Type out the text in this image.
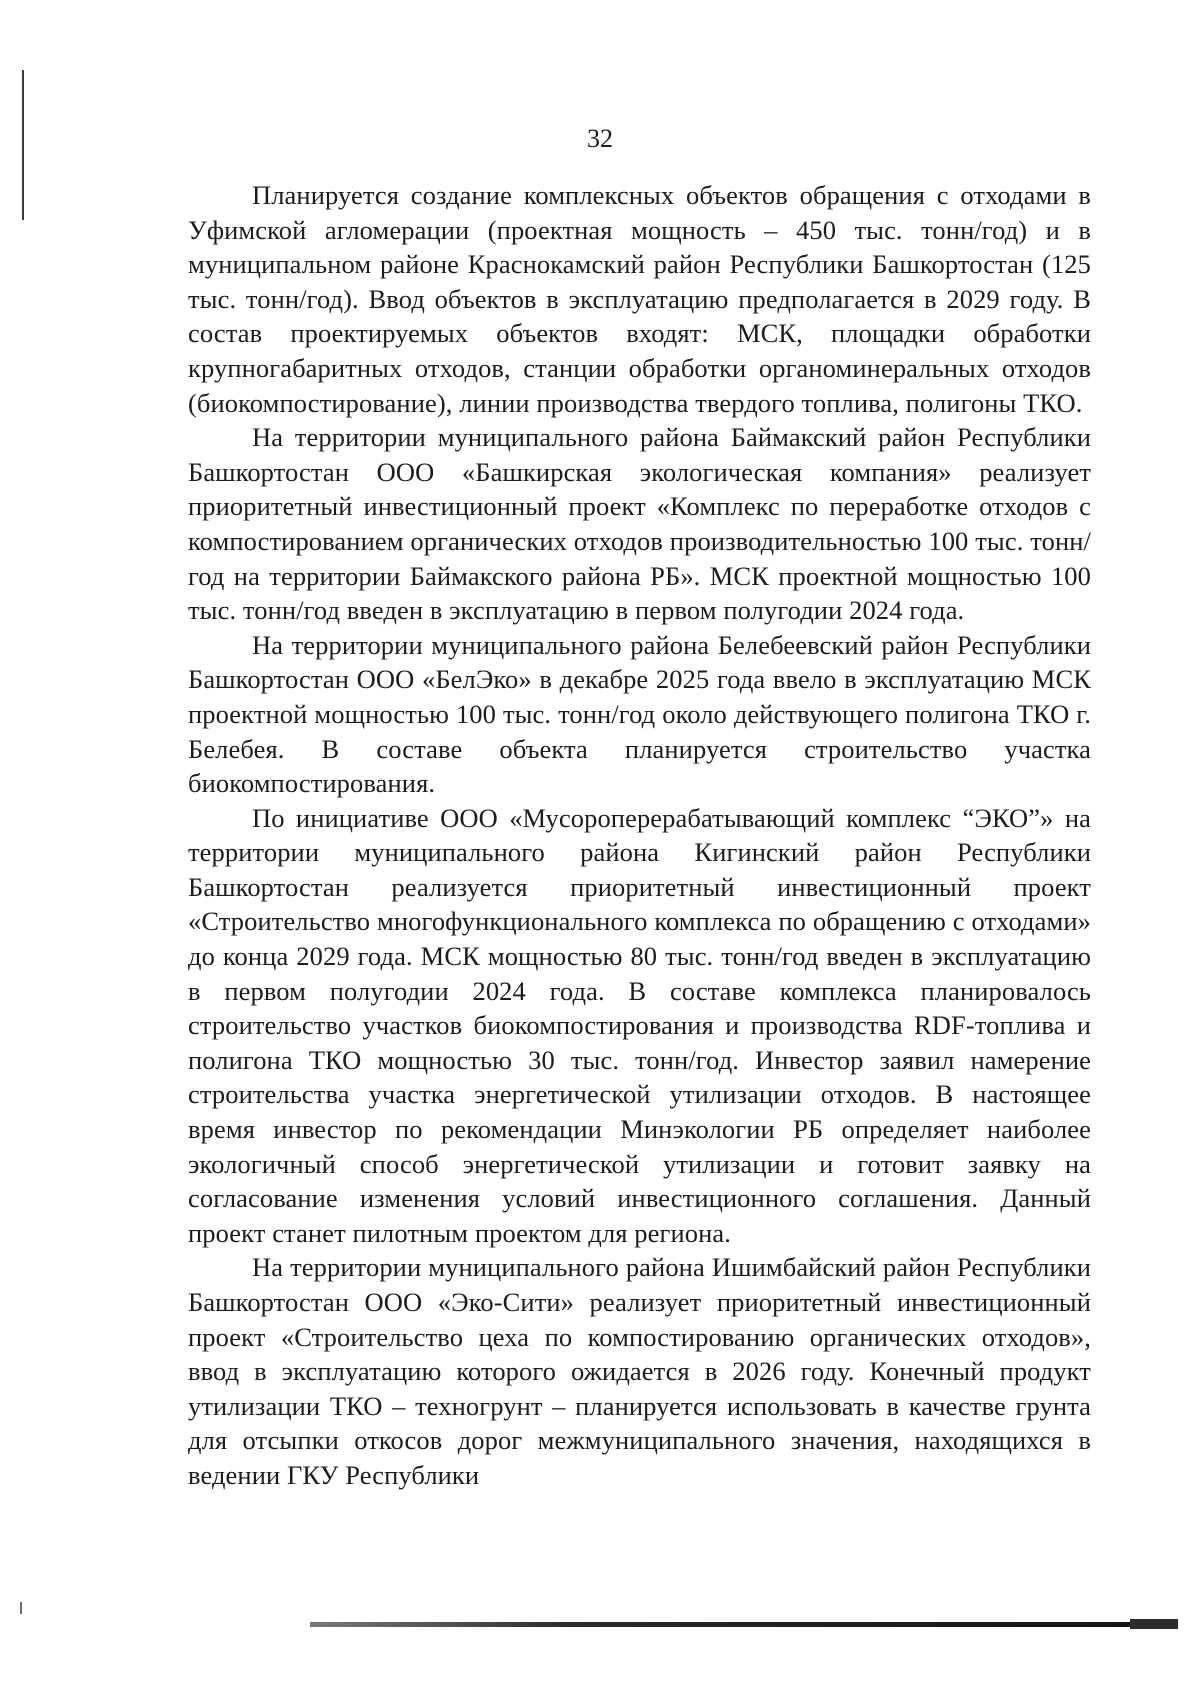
32

Планируется создание комплексных объектов обращения с отходами в Уфимской агломерации (проектная мощность – 450 тыс. тонн/год) и в муниципальном районе Краснокамский район Республики Башкортостан (125 тыс. тонн/год). Ввод объектов в эксплуатацию предполагается в 2029 году. В состав проектируемых объектов входят: МСК, площадки обработки крупногабаритных отходов, станции обработки органоминеральных отходов (биокомпостирование), линии производства твердого топлива, полигоны ТКО.

На территории муниципального района Баймакский район Республики Башкортостан ООО «Башкирская экологическая компания» реализует приоритетный инвестиционный проект «Комплекс по переработке отходов с компостированием органических отходов производительностью 100 тыс. тонн/год на территории Баймакского района РБ». МСК проектной мощностью 100 тыс. тонн/год введен в эксплуатацию в первом полугодии 2024 года.

На территории муниципального района Белебеевский район Республики Башкортостан ООО «БелЭко» в декабре 2025 года ввело в эксплуатацию МСК проектной мощностью 100 тыс. тонн/год около действующего полигона ТКО г. Белебея. В составе объекта планируется строительство участка биокомпостирования.

По инициативе ООО «Мусороперерабатывающий комплекс “ЭКО”» на территории муниципального района Кигинский район Республики Башкортостан реализуется приоритетный инвестиционный проект «Строительство многофункционального комплекса по обращению с отходами» до конца 2029 года. МСК мощностью 80 тыс. тонн/год введен в эксплуатацию в первом полугодии 2024 года. В составе комплекса планировалось строительство участков биокомпостирования и производства RDF-топлива и полигона ТКО мощностью 30 тыс. тонн/год. Инвестор заявил намерение строительства участка энергетической утилизации отходов. В настоящее время инвестор по рекомендации Минэкологии РБ определяет наиболее экологичный способ энергетической утилизации и готовит заявку на согласование изменения условий инвестиционного соглашения. Данный проект станет пилотным проектом для региона.

На территории муниципального района Ишимбайский район Республики Башкортостан ООО «Эко-Сити» реализует приоритетный инвестиционный проект «Строительство цеха по компостированию органических отходов», ввод в эксплуатацию которого ожидается в 2026 году. Конечный продукт утилизации ТКО – техногрунт – планируется использовать в качестве грунта для отсыпки откосов дорог межмуниципального значения, находящихся в ведении ГКУ Республики
